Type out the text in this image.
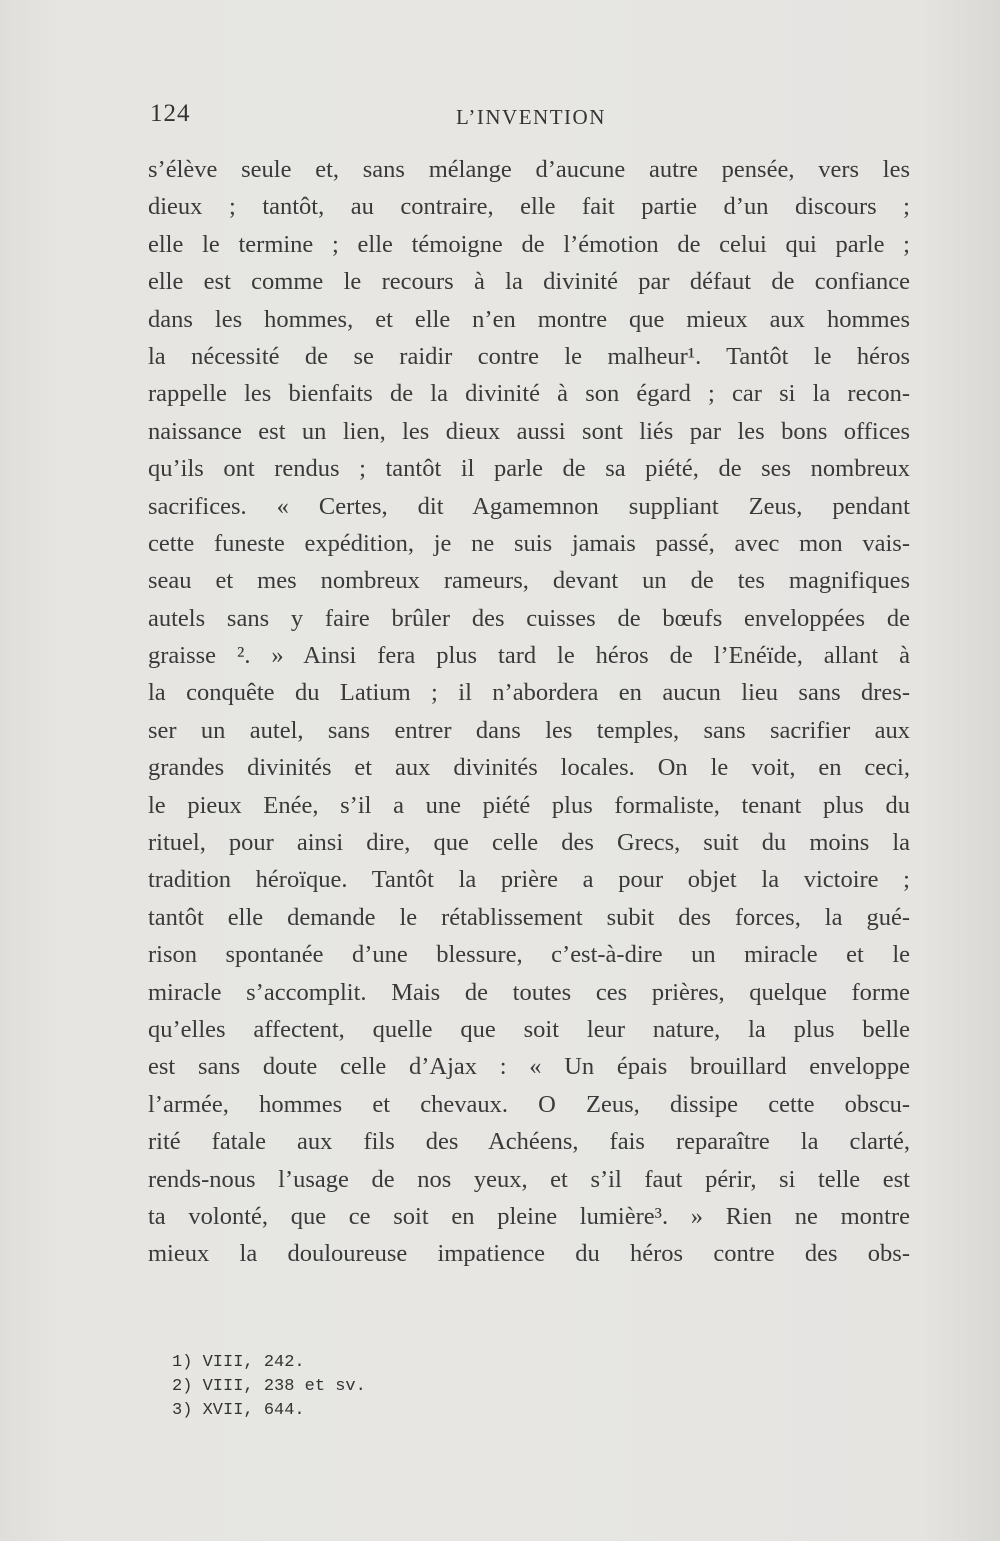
124	L’INVENTION
s’élève seule et, sans mélange d’aucune autre pensée, vers les
dieux ; tantôt, au contraire, elle fait partie d’un discours ;
elle le termine ; elle témoigne de l’émotion de celui qui parle ;
elle est comme le recours à la divinité par défaut de confiance
dans les hommes, et elle n’en montre que mieux aux hommes
la nécessité de se raidir contre le malheur¹. Tantôt le héros
rappelle les bienfaits de la divinité à son égard ; car si la recon-
naissance est un lien, les dieux aussi sont liés par les bons offices
qu’ils ont rendus ; tantôt il parle de sa piété, de ses nombreux
sacrifices. « Certes, dit Agamemnon suppliant Zeus, pendant
cette funeste expédition, je ne suis jamais passé, avec mon vais-
seau et mes nombreux rameurs, devant un de tes magnifiques
autels sans y faire brûler des cuisses de bœufs enveloppées de
graisse ². » Ainsi fera plus tard le héros de l’Enéïde, allant à
la conquête du Latium ; il n’abordera en aucun lieu sans dres-
ser un autel, sans entrer dans les temples, sans sacrifier aux
grandes divinités et aux divinités locales. On le voit, en ceci,
le pieux Enée, s’il a une piété plus formaliste, tenant plus du
rituel, pour ainsi dire, que celle des Grecs, suit du moins la
tradition héroïque. Tantôt la prière a pour objet la victoire ;
tantôt elle demande le rétablissement subit des forces, la gué-
rison spontanée d’une blessure, c’est-à-dire un miracle et le
miracle s’accomplit. Mais de toutes ces prières, quelque forme
qu’elles affectent, quelle que soit leur nature, la plus belle
est sans doute celle d’Ajax : « Un épais brouillard enveloppe
l’armée, hommes et chevaux. O Zeus, dissipe cette obscu-
rité fatale aux fils des Achéens, fais reparaître la clarté,
rends-nous l’usage de nos yeux, et s’il faut périr, si telle est
ta volonté, que ce soit en pleine lumière³. » Rien ne montre
mieux la douloureuse impatience du héros contre des obs-
1) VIII, 242.
2) VIII, 238 et sv.
3) XVII, 644.
